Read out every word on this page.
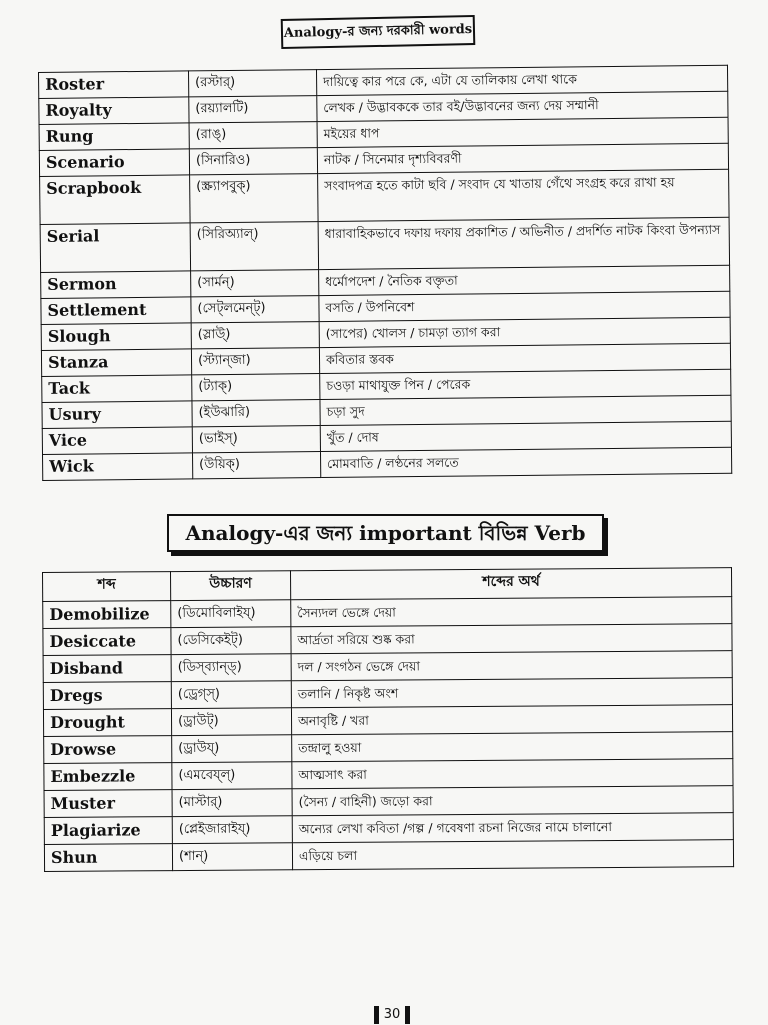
Analogy-র জন্য দরকারী words
Roster	(রস্টার্)	দায়িত্বে কার পরে কে, এটা যে তালিকায় লেখা থাকে
Royalty	(রয়্যালটি)	লেখক / উদ্ভাবককে তার বই/উদ্ভাবনের জন্য দেয় সম্মানী
Rung	(রাঙ্)	মইয়ের ধাপ
Scenario	(সিনারিও)	নাটক / সিনেমার দৃশ্যবিবরণী
Scrapbook	(স্ক্র্যাপবুক্)	সংবাদপত্র হতে কাটা ছবি / সংবাদ যে খাতায় গেঁথে সংগ্রহ করে রাখা হয়
Serial	(সিরিঅ্যাল্)	ধারাবাহিকভাবে দফায় দফায় প্রকাশিত / অভিনীত / প্রদর্শিত নাটক কিংবা উপন্যাস
Sermon	(সার্মন্)	ধর্মোপদেশ / নৈতিক বক্তৃতা
Settlement	(সেট্‌লমেন্ট্)	বসতি / উপনিবেশ
Slough	(স্লাউ্)	(সাপের) খোলস / চামড়া ত্যাগ করা
Stanza	(স্ট্যান্‌জা)	কবিতার স্তবক
Tack	(ট্যাক্)	চওড়া মাথাযুক্ত পিন / পেরেক
Usury	(ইউঝারি)	চড়া সুদ
Vice	(ভাইস্)	খুঁত / দোষ
Wick	(উয়িক্)	মোমবাতি / লণ্ঠনের সলতে
Analogy-এর জন্য important বিভিন্ন Verb
শব্দ	উচ্চারণ	শব্দের অর্থ
Demobilize	(ডিমোবিলাইয্)	সৈন্যদল ভেঙ্গে দেয়া
Desiccate	(ডেসিকেইট্)	আর্দ্রতা সরিয়ে শুষ্ক করা
Disband	(ডিস্‌ব্যান্ড্)	দল / সংগঠন ভেঙ্গে দেয়া
Dregs	(ড্রেগ্স্)	তলানি / নিকৃষ্ট অংশ
Drought	(ড্রাউট্)	অনাবৃষ্টি / খরা
Drowse	(ড্রাউয্)	তন্দ্রালু হওয়া
Embezzle	(এমবেয্‌ল্)	আত্মসাৎ করা
Muster	(মাস্টার্)	(সৈন্য / বাহিনী) জড়ো করা
Plagiarize	(প্লেইজারাইয্)	অন্যের লেখা কবিতা /গল্প / গবেষণা রচনা নিজের নামে চালানো
Shun	(শান্)	এড়িয়ে চলা
30
